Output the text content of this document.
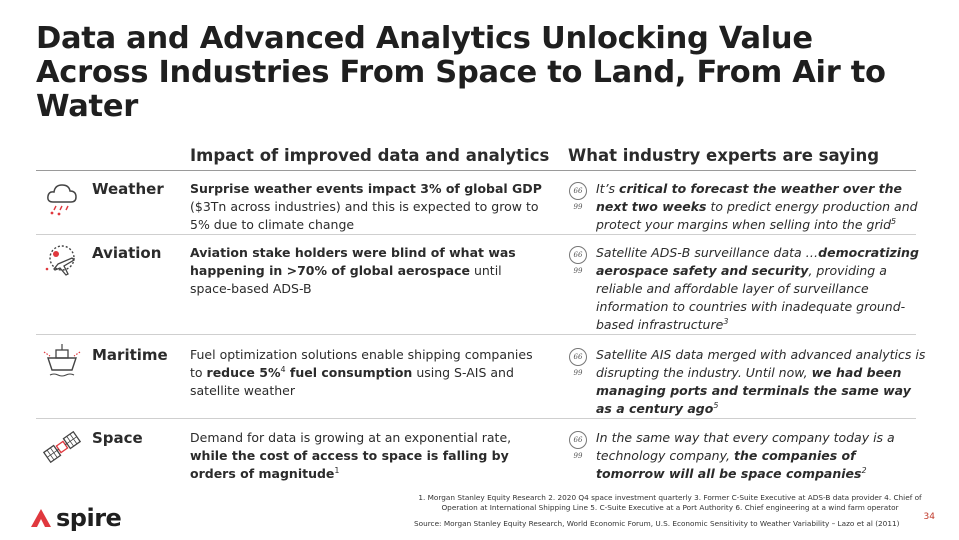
Data and Advanced Analytics Unlocking Value Across Industries From Space to Land, From Air to Water
Impact of improved data and analytics What industry experts are saying
Weather Surprise weather events impact 3% of global GDP ($3Tn across industries) and this is expected to grow to 5% due to climate change
66 99
It’s critical to forecast the weather over the next two weeks to predict energy production and protect your margins when selling into the grid$^5$
Aviation Aviation stake holders were blind of what was happening in >70% of global aerospace until space-based ADS-B
66 99
Satellite ADS-B surveillance data …democratizing aerospace safety and security, providing a reliable and affordable layer of surveillance information to countries with inadequate ground-based infrastructure$^3$
Maritime Fuel optimization solutions enable shipping companies to reduce 5%$^4$ fuel consumption using S-AIS and satellite weather
66 99
Satellite AIS data merged with advanced analytics is disrupting the industry. Until now, we had been managing ports and terminals the same way as a century ago$^5$
Space	Demand for data is growing at an exponential rate, while the cost of access to space is falling by orders of magnitude$^1$
66 99
In the same way that every company today is a technology company, the companies of tomorrow will all be space companies$^2$
1. Morgan Stanley Equity Research 2. 2020 Q4 space investment quarterly 3. Former C-Suite Executive at ADS-B data provider 4. Chief of Operation at International Shipping Line 5. C-Suite Executive at a Port Authority 6. Chief engineering at a wind farm operator
Source: Morgan Stanley Equity Research, World Economic Forum, U.S. Economic Sensitivity to Weather Variability – Lazo et al (2011)
34
spire
